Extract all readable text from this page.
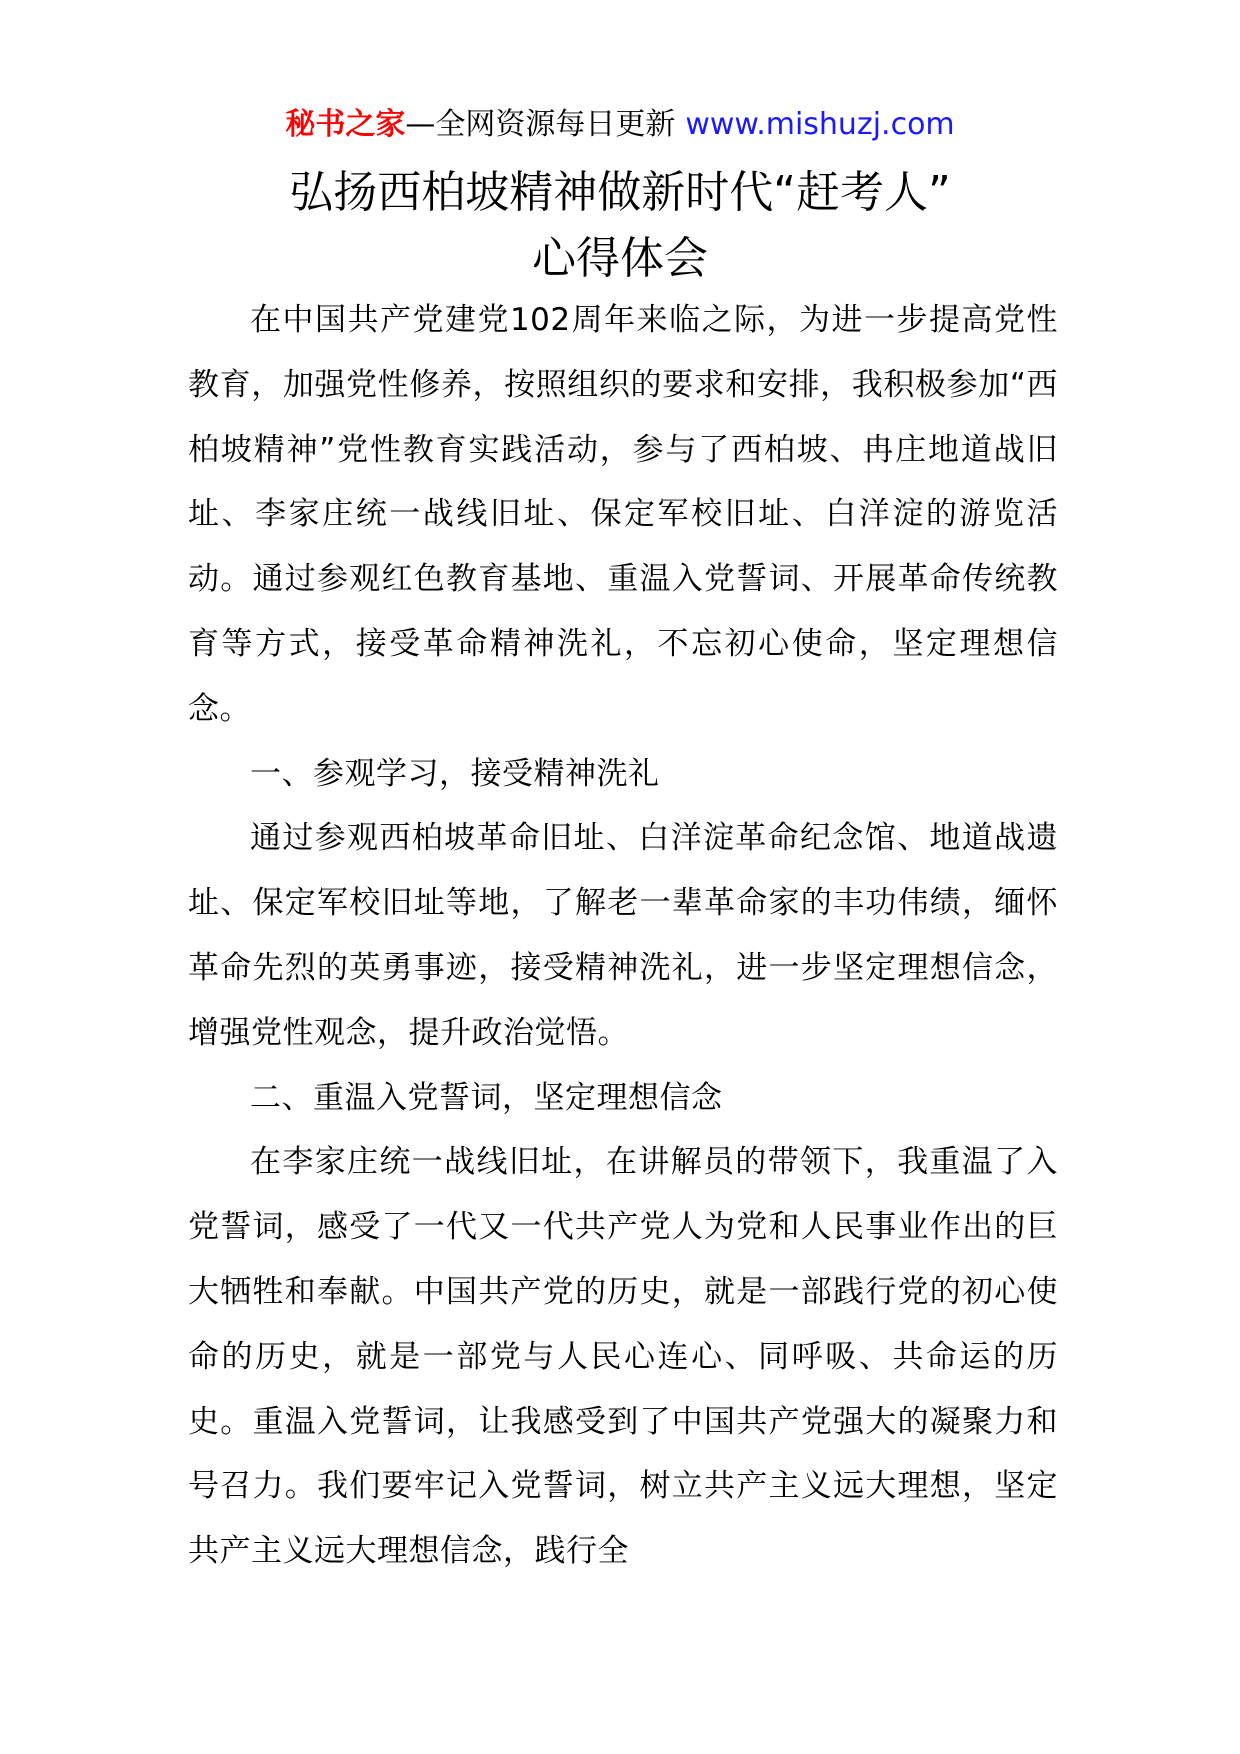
秘书之家—全网资源每日更新 www.mishuzj.com
弘扬西柏坡精神做新时代“赶考人”
心得体会

在中国共产党建党102周年来临之际，为进一步提高党性教育，加强党性修养，按照组织的要求和安排，我积极参加“西柏坡精神”党性教育实践活动，参与了西柏坡、冉庄地道战旧址、李家庄统一战线旧址、保定军校旧址、白洋淀的游览活动。通过参观红色教育基地、重温入党誓词、开展革命传统教育等方式，接受革命精神洗礼，不忘初心使命，坚定理想信念。

一、参观学习，接受精神洗礼

通过参观西柏坡革命旧址、白洋淀革命纪念馆、地道战遗址、保定军校旧址等地，了解老一辈革命家的丰功伟绩，缅怀革命先烈的英勇事迹，接受精神洗礼，进一步坚定理想信念，增强党性观念，提升政治觉悟。

二、重温入党誓词，坚定理想信念

在李家庄统一战线旧址，在讲解员的带领下，我重温了入党誓词，感受了一代又一代共产党人为党和人民事业作出的巨大牺牲和奉献。中国共产党的历史，就是一部践行党的初心使命的历史，就是一部党与人民心连心、同呼吸、共命运的历史。重温入党誓词，让我感受到了中国共产党强大的凝聚力和号召力。我们要牢记入党誓词，树立共产主义远大理想，坚定共产主义远大理想信念，践行全
